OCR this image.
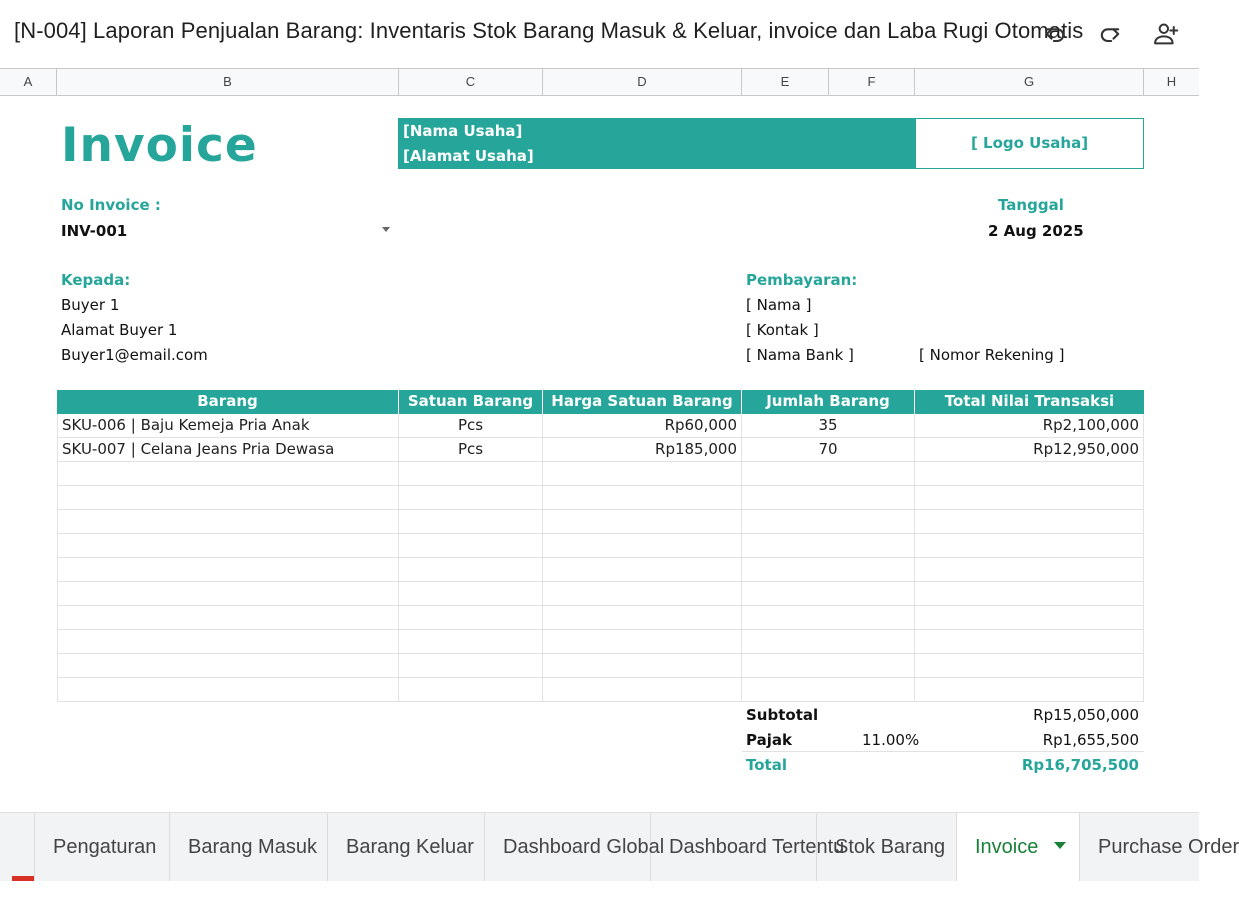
[N-004] Laporan Penjualan Barang: Inventaris Stok Barang Masuk & Keluar, invoice dan Laba Rugi Otomatis
A	B	C	D	E	F	G	H
Invoice	[Nama Usaha]
[Alamat Usaha]
[ Logo Usaha]
No Invoice :
INV-001
Tanggal
2 Aug 2025
Kepada:
Buyer 1
Alamat Buyer 1
Buyer1@email.com
Pembayaran:
[ Nama ]
[ Kontak ]
[ Nama Bank ]	[ Nomor Rekening ]
Barang	Satuan Barang	Harga Satuan Barang	Jumlah Barang	Total Nilai Transaksi
SKU-006 | Baju Kemeja Pria Anak	Pcs	Rp60,000	35	Rp2,100,000
SKU-007 | Celana Jeans Pria Dewasa	Pcs	Rp185,000	70	Rp12,950,000
Subtotal	Rp15,050,000
Pajak	11.00%	Rp1,655,500
Total	Rp16,705,500
Pengaturan	Barang Masuk	Barang Keluar	Dashboard Global Dashboard Tertentu
Stok Barang	Invoice	Purchase Order
